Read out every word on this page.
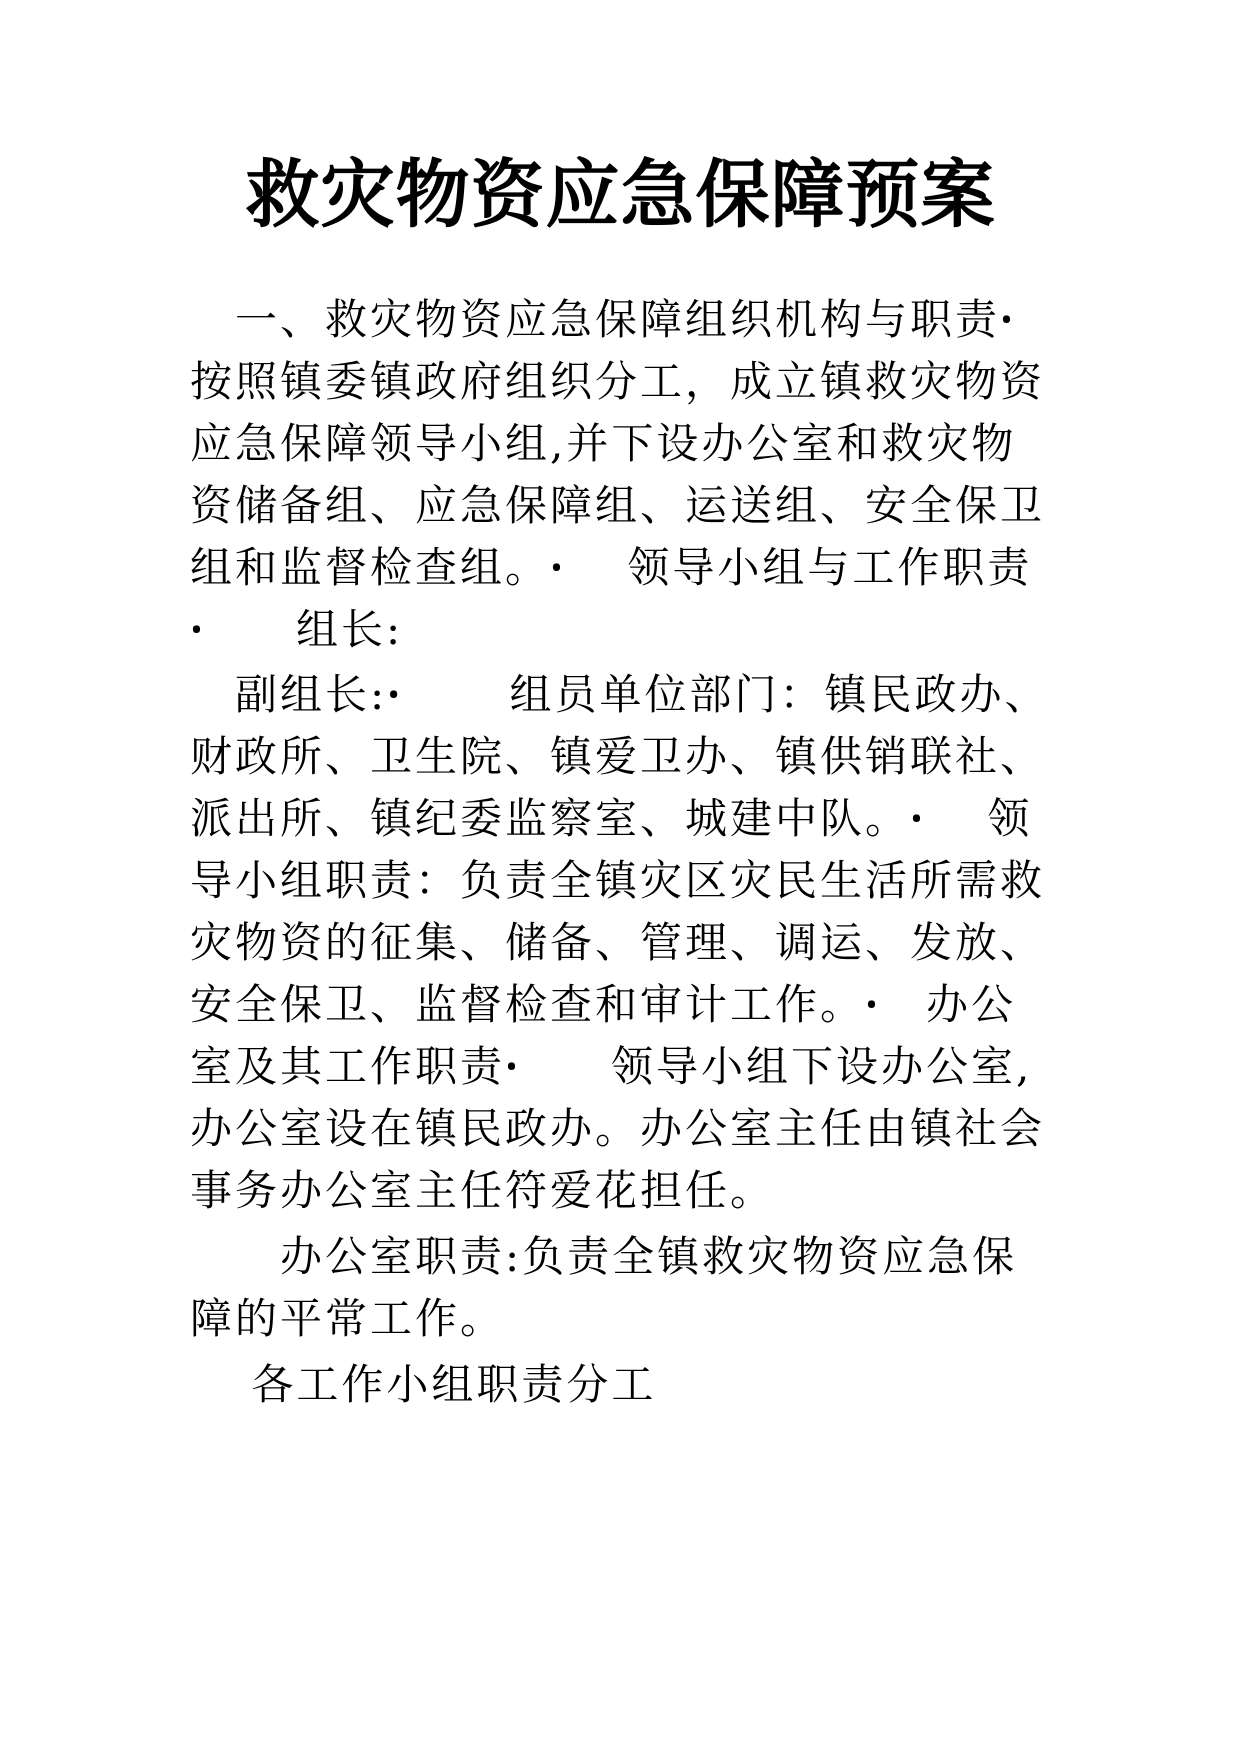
救灾物资应急保障预案
　一、救灾物资应急保障组织机构与职责ꞏ
按照镇委镇政府组织分工，成立镇救灾物资
应急保障领导小组,并下设办公室和救灾物
资储备组、应急保障组、运送组、安全保卫
组和监督检查组。ꞏ　 领导小组与工作职责
ꞏ　　组长:
　副组长:ꞏ　　 组员单位部门：镇民政办、
财政所、卫生院、镇爱卫办、镇供销联社、
派出所、镇纪委监察室、城建中队。ꞏ　 领
导小组职责：负责全镇灾区灾民生活所需救
灾物资的征集、储备、管理、调运、发放、
安全保卫、监督检查和审计工作。ꞏ　办公
室及其工作职责ꞏ　　领导小组下设办公室,
办公室设在镇民政办。办公室主任由镇社会
事务办公室主任符爱花担任。
　　办公室职责:负责全镇救灾物资应急保
障的平常工作。
　 各工作小组职责分工
